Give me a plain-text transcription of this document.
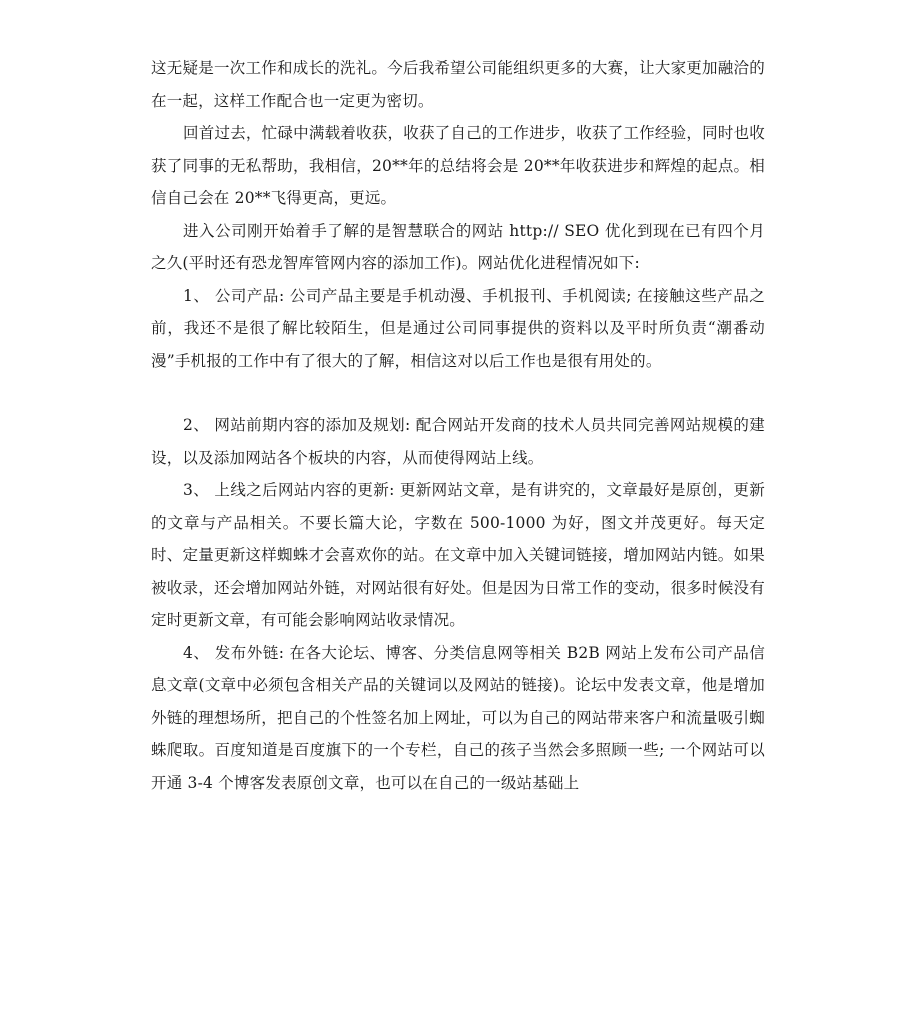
这无疑是一次工作和成长的洗礼。今后我希望公司能组织更多的大赛，让大家更加融洽的在一起，这样工作配合也一定更为密切。

回首过去，忙碌中满载着收获，收获了自己的工作进步，收获了工作经验，同时也收获了同事的无私帮助，我相信，20**年的总结将会是 20**年收获进步和辉煌的起点。相信自己会在 20**飞得更高，更远。

进入公司刚开始着手了解的是智慧联合的网站 http:// SEO 优化到现在已有四个月之久(平时还有恐龙智库管网内容的添加工作)。网站优化进程情况如下:

1、 公司产品: 公司产品主要是手机动漫、手机报刊、手机阅读; 在接触这些产品之前，我还不是很了解比较陌生，但是通过公司同事提供的资料以及平时所负责“潮番动漫”手机报的工作中有了很大的了解，相信这对以后工作也是很有用处的。

2、 网站前期内容的添加及规划: 配合网站开发商的技术人员共同完善网站规模的建设，以及添加网站各个板块的内容，从而使得网站上线。

3、 上线之后网站内容的更新: 更新网站文章，是有讲究的，文章最好是原创，更新的文章与产品相关。不要长篇大论，字数在 500-1000 为好，图文并茂更好。每天定时、定量更新这样蜘蛛才会喜欢你的站。在文章中加入关键词链接，增加网站内链。如果被收录，还会增加网站外链，对网站很有好处。但是因为日常工作的变动，很多时候没有定时更新文章，有可能会影响网站收录情况。

4、 发布外链: 在各大论坛、博客、分类信息网等相关 B2B 网站上发布公司产品信息文章(文章中必须包含相关产品的关键词以及网站的链接)。论坛中发表文章，他是增加外链的理想场所，把自己的个性签名加上网址，可以为自己的网站带来客户和流量吸引蜘蛛爬取。百度知道是百度旗下的一个专栏，自己的孩子当然会多照顾一些; 一个网站可以开通 3-4 个博客发表原创文章，也可以在自己的一级站基础上
